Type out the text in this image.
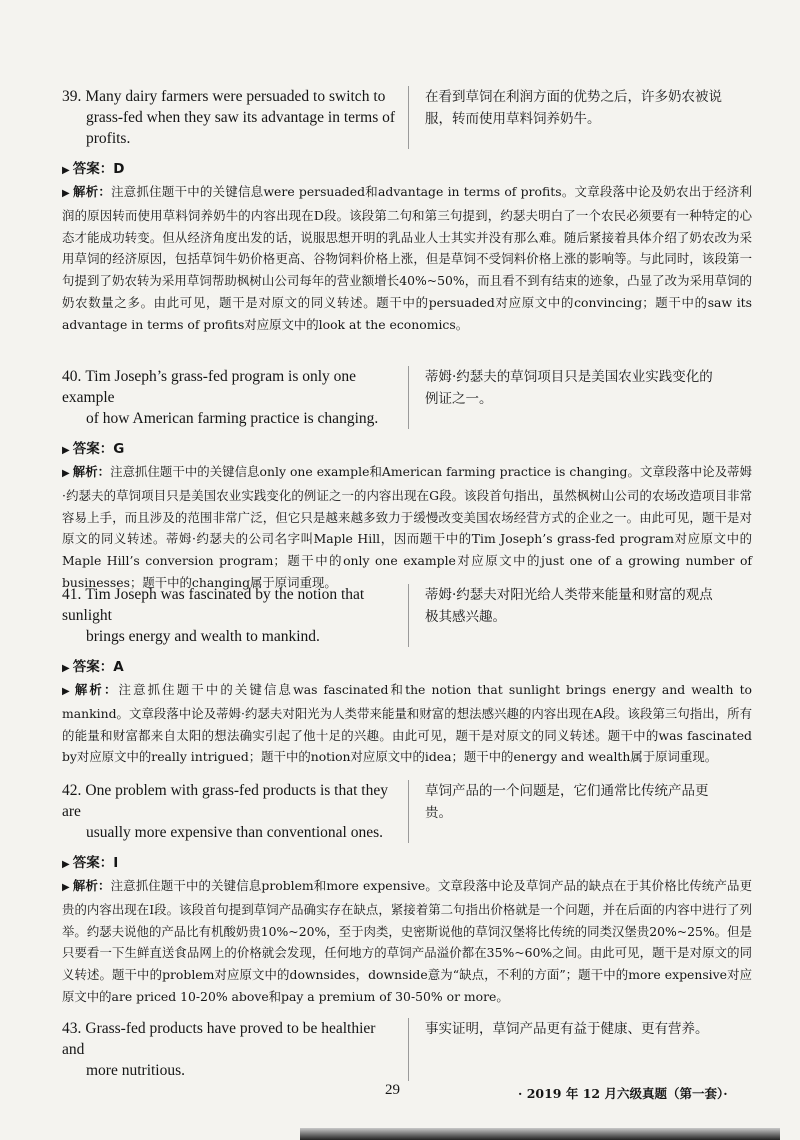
39. Many dairy farmers were persuaded to switch to
grass-fed when they saw its advantage in terms of profits.
在看到草饲在利润方面的优势之后，许多奶农被说服，转而使用草料饲养奶牛。
▶ 答案：D
▶ 解析：注意抓住题干中的关键信息were persuaded和advantage in terms of profits。文章段落中论及奶农出于经济利润的原因转而使用草料饲养奶牛的内容出现在D段。该段第二句和第三句提到，约瑟夫明白了一个农民必须要有一种特定的心态才能成功转变。但从经济角度出发的话，说服思想开明的乳品业人士其实并没有那么难。随后紧接着具体介绍了奶农改为采用草饲的经济原因，包括草饲牛奶价格更高、谷物饲料价格上涨，但是草饲不受饲料价格上涨的影响等。与此同时，该段第一句提到了奶农转为采用草饲帮助枫树山公司每年的营业额增长40%~50%，而且看不到有结束的迹象，凸显了改为采用草饲的奶农数量之多。由此可见，题干是对原文的同义转述。题干中的persuaded对应原文中的convincing；题干中的saw its advantage in terms of profits对应原文中的look at the economics。
40. Tim Joseph’s grass-fed program is only one example
of how American farming practice is changing.
蒂姆·约瑟夫的草饲项目只是美国农业实践变化的例证之一。
▶ 答案：G
▶ 解析：注意抓住题干中的关键信息only one example和American farming practice is changing。文章段落中论及蒂姆·约瑟夫的草饲项目只是美国农业实践变化的例证之一的内容出现在G段。该段首句指出，虽然枫树山公司的农场改造项目非常容易上手，而且涉及的范围非常广泛，但它只是越来越多致力于缓慢改变美国农场经营方式的企业之一。由此可见，题干是对原文的同义转述。蒂姆·约瑟夫的公司名字叫Maple Hill，因而题干中的Tim Joseph’s grass-fed program对应原文中的Maple Hill’s conversion program；题干中的only one example对应原文中的just one of a growing number of businesses；题干中的changing属于原词重现。
41. Tim Joseph was fascinated by the notion that sunlight
brings energy and wealth to mankind.
蒂姆·约瑟夫对阳光给人类带来能量和财富的观点极其感兴趣。
▶ 答案：A
▶ 解析：注意抓住题干中的关键信息was fascinated和the notion that sunlight brings energy and wealth to mankind。文章段落中论及蒂姆·约瑟夫对阳光为人类带来能量和财富的想法感兴趣的内容出现在A段。该段第三句指出，所有的能量和财富都来自太阳的想法确实引起了他十足的兴趣。由此可见，题干是对原文的同义转述。题干中的was fascinated by对应原文中的really intrigued；题干中的notion对应原文中的idea；题干中的energy and wealth属于原词重现。
42. One problem with grass-fed products is that they are
usually more expensive than conventional ones.
草饲产品的一个问题是，它们通常比传统产品更贵。
▶ 答案：I
▶ 解析：注意抓住题干中的关键信息problem和more expensive。文章段落中论及草饲产品的缺点在于其价格比传统产品更贵的内容出现在I段。该段首句提到草饲产品确实存在缺点，紧接着第二句指出价格就是一个问题，并在后面的内容中进行了列举。约瑟夫说他的产品比有机酸奶贵10%~20%，至于肉类，史密斯说他的草饲汉堡将比传统的同类汉堡贵20%~25%。但是只要看一下生鲜直送食品网上的价格就会发现，任何地方的草饲产品溢价都在35%~60%之间。由此可见，题干是对原文的同义转述。题干中的problem对应原文中的downsides，downside意为“缺点，不利的方面”；题干中的more expensive对应原文中的are priced 10-20% above和pay a premium of 30-50% or more。
43. Grass-fed products have proved to be healthier and
more nutritious.
事实证明，草饲产品更有益于健康、更有营养。
29	· 2019 年 12 月六级真题（第一套）·
